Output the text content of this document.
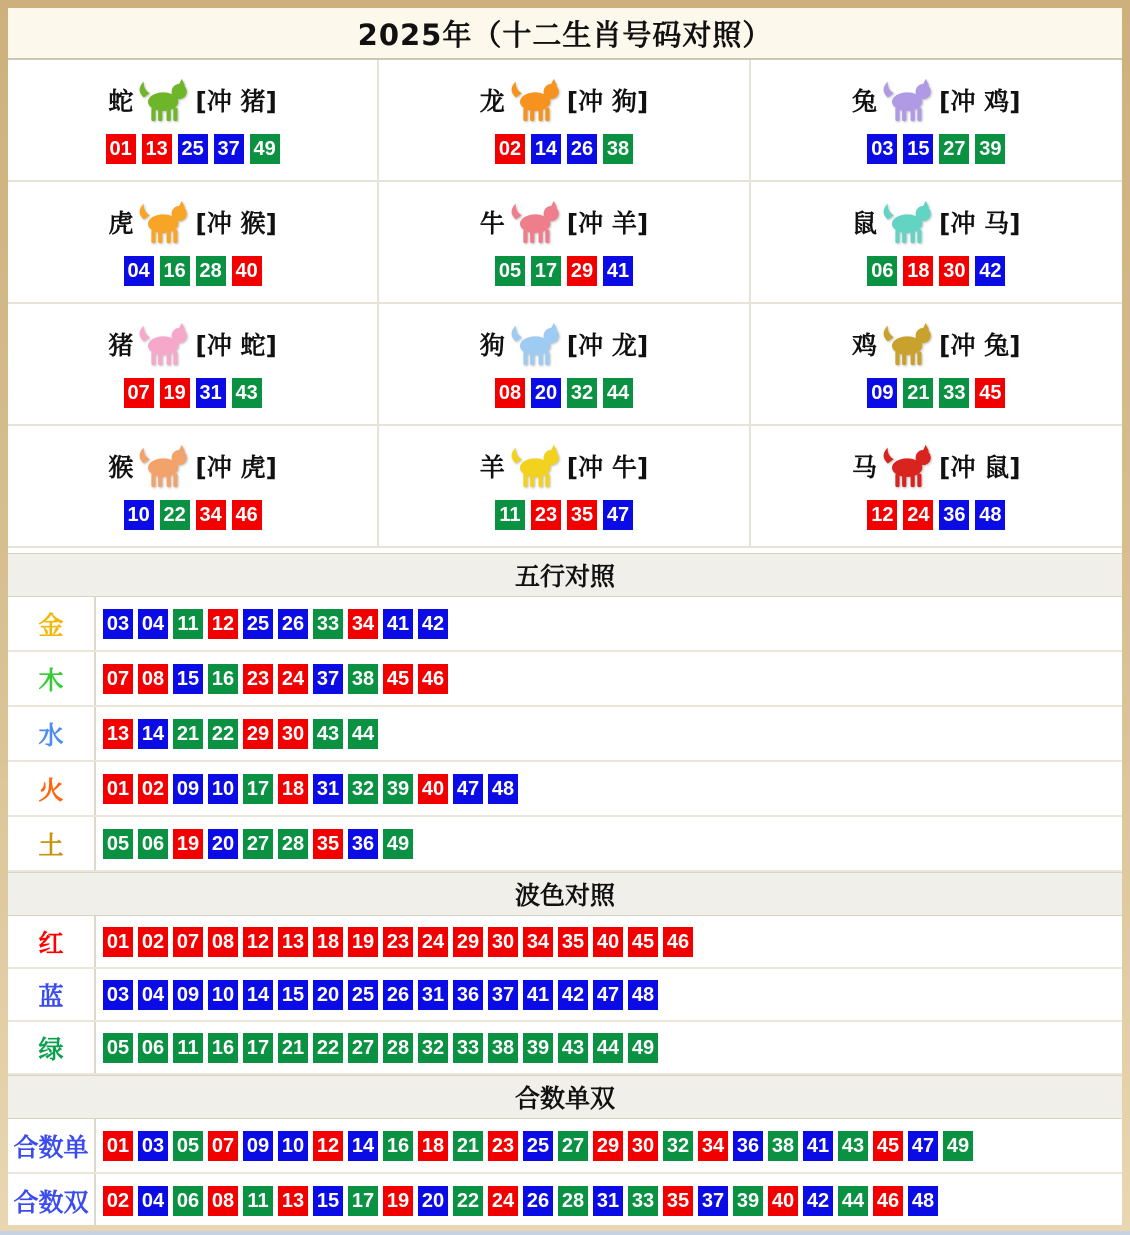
2025年（十二生肖号码对照）
蛇 [冲 猪]
01 13 25 37 49
龙 [冲 狗]
02 14 26 38
兔 [冲 鸡]
03 15 27 39
虎 [冲 猴]
04 16 28 40
牛 [冲 羊]
05 17 29 41
鼠 [冲 马]
06 18 30 42
猪 [冲 蛇]
07 19 31 43
狗 [冲 龙]
08 20 32 44
鸡 [冲 兔]
09 21 33 45
猴 [冲 虎]
10 22 34 46
羊 [冲 牛]
11 23 35 47
马 [冲 鼠]
12 24 36 48
五行对照
金	03 04 11 12 25 26 33 34 41 42
木	07 08 15 16 23 24 37 38 45 46
水	13 14 21 22 29 30 43 44
火	01 02 09 10 17 18 31 32 39 40 47 48
土	05 06 19 20 27 28 35 36 49
波色对照
红	01 02 07 08 12 13 18 19 23 24 29 30 34 35 40 45 46
蓝	03 04 09 10 14 15 20 25 26 31 36 37 41 42 47 48
绿	05 06 11 16 17 21 22 27 28 32 33 38 39 43 44 49
合数单双
合数单 01 03 05 07 09 10 12 14 16 18 21 23 25 27 29 30 32 34 36 38 41 43 45 47 49
合数双 02 04 06 08 11 13 15 17 19 20 22 24 26 28 31 33 35 37 39 40 42 44 46 48
